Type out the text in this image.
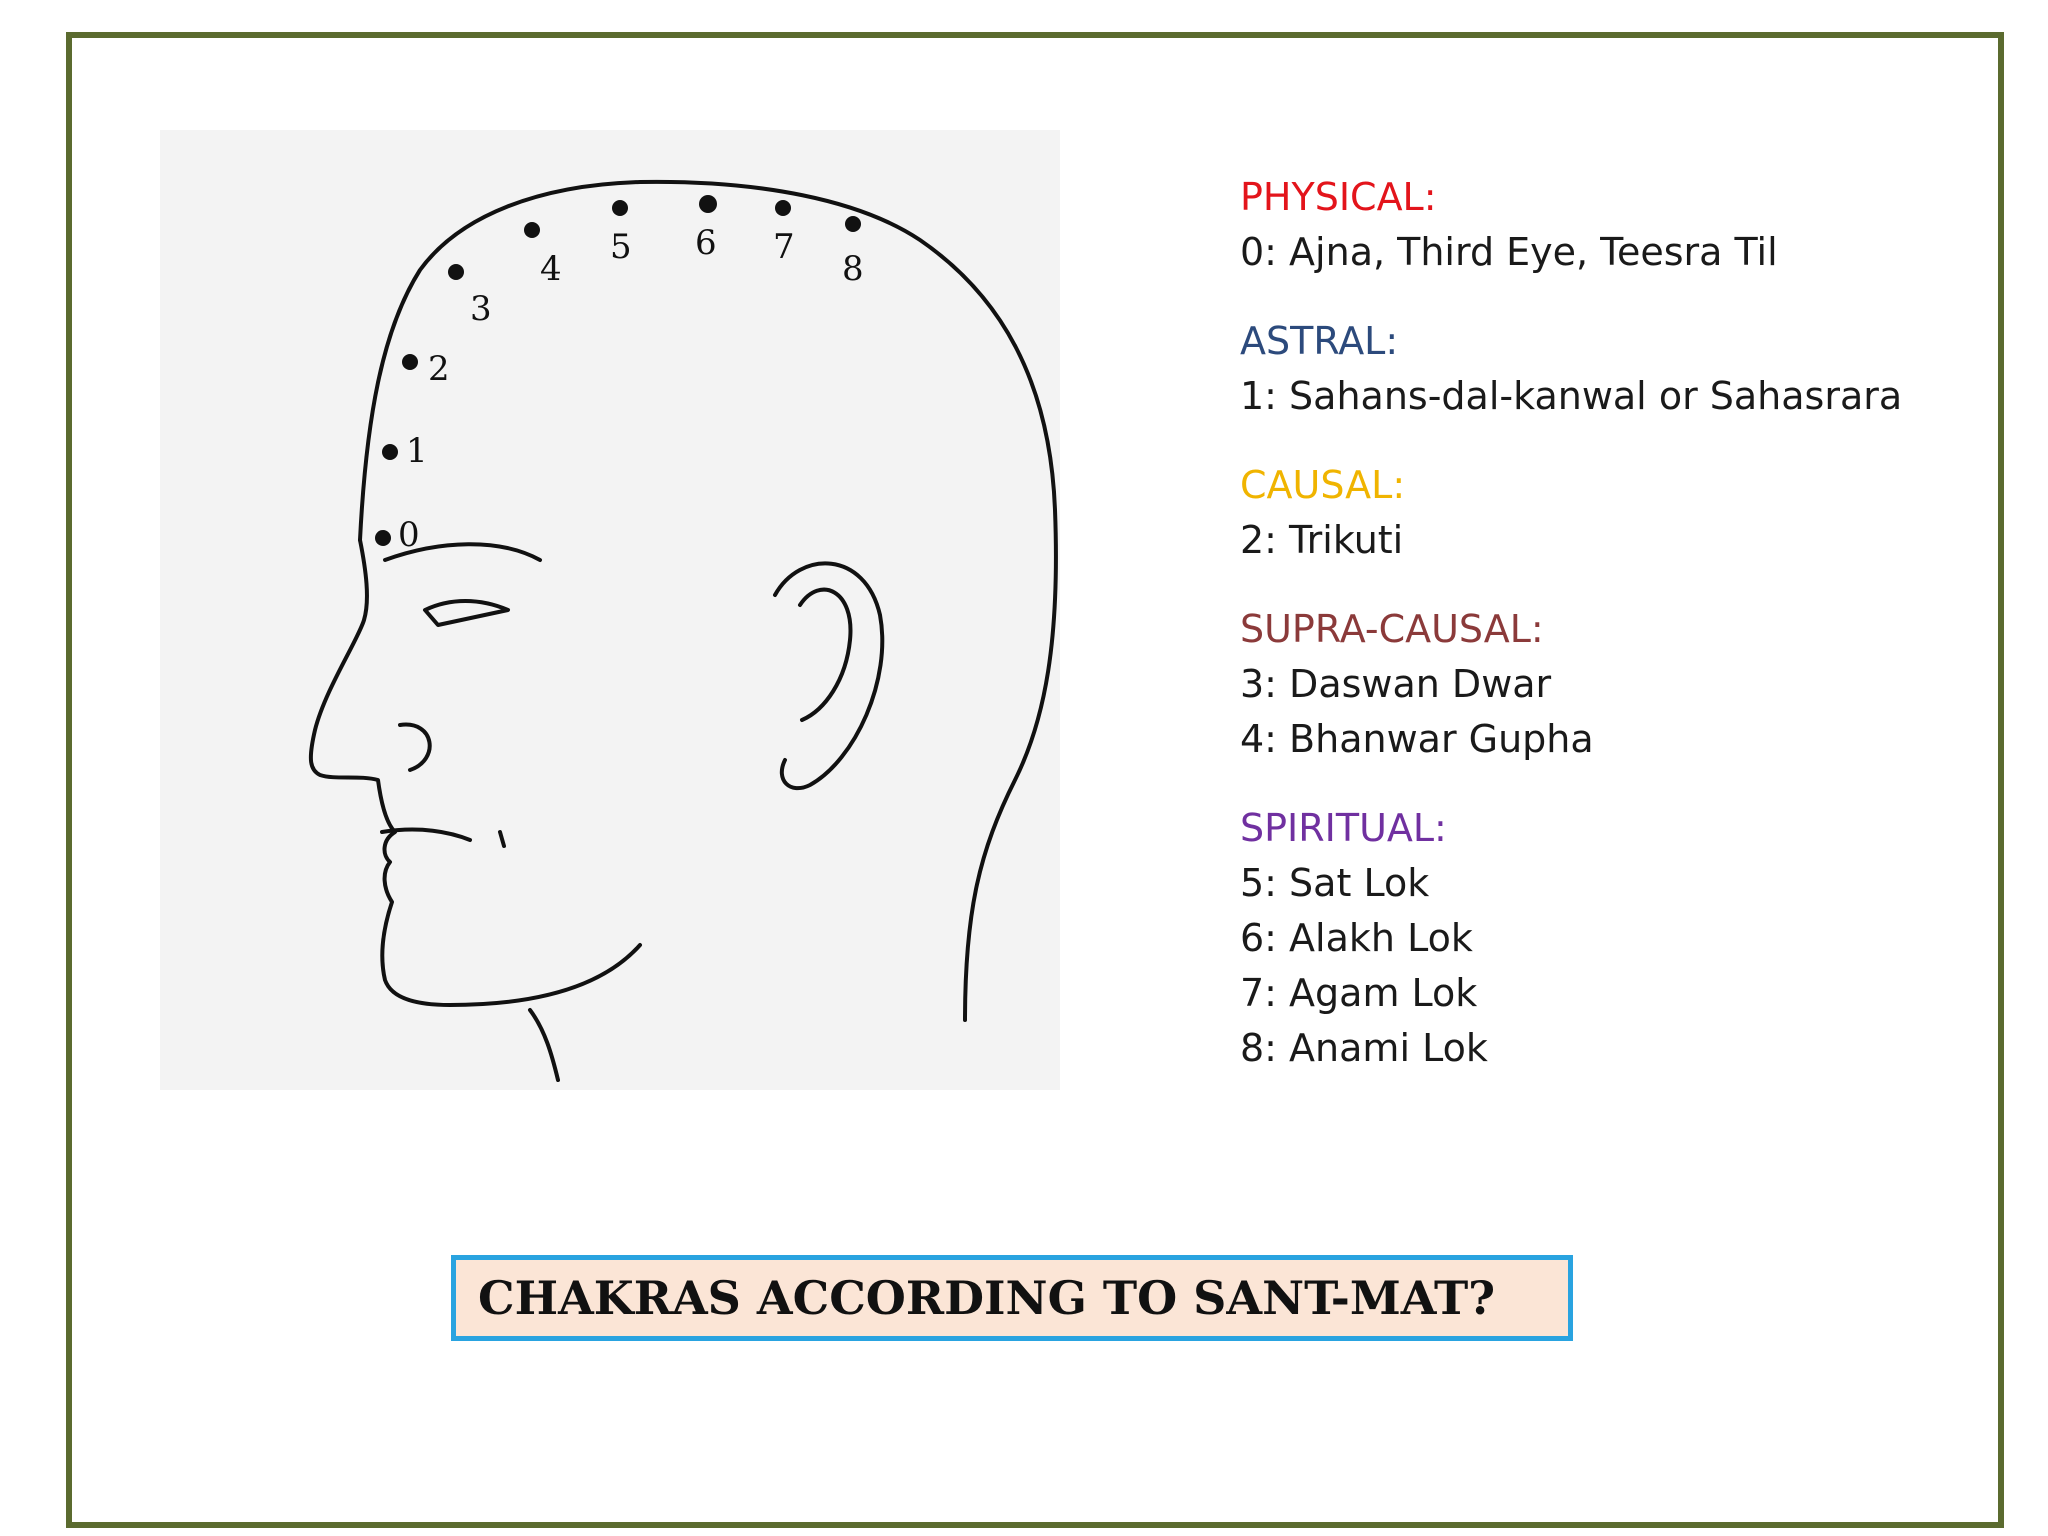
0
1
2
3
4
5 6 7
8
PHYSICAL:
0: Ajna, Third Eye, Teesra Til
ASTRAL:
1: Sahans-dal-kanwal or Sahasrara
CAUSAL:
2: Trikuti
SUPRA-CAUSAL:
3: Daswan Dwar
4: Bhanwar Gupha
SPIRITUAL:
5: Sat Lok
6: Alakh Lok
7: Agam Lok
8: Anami Lok
CHAKRAS ACCORDING TO SANT-MAT?
